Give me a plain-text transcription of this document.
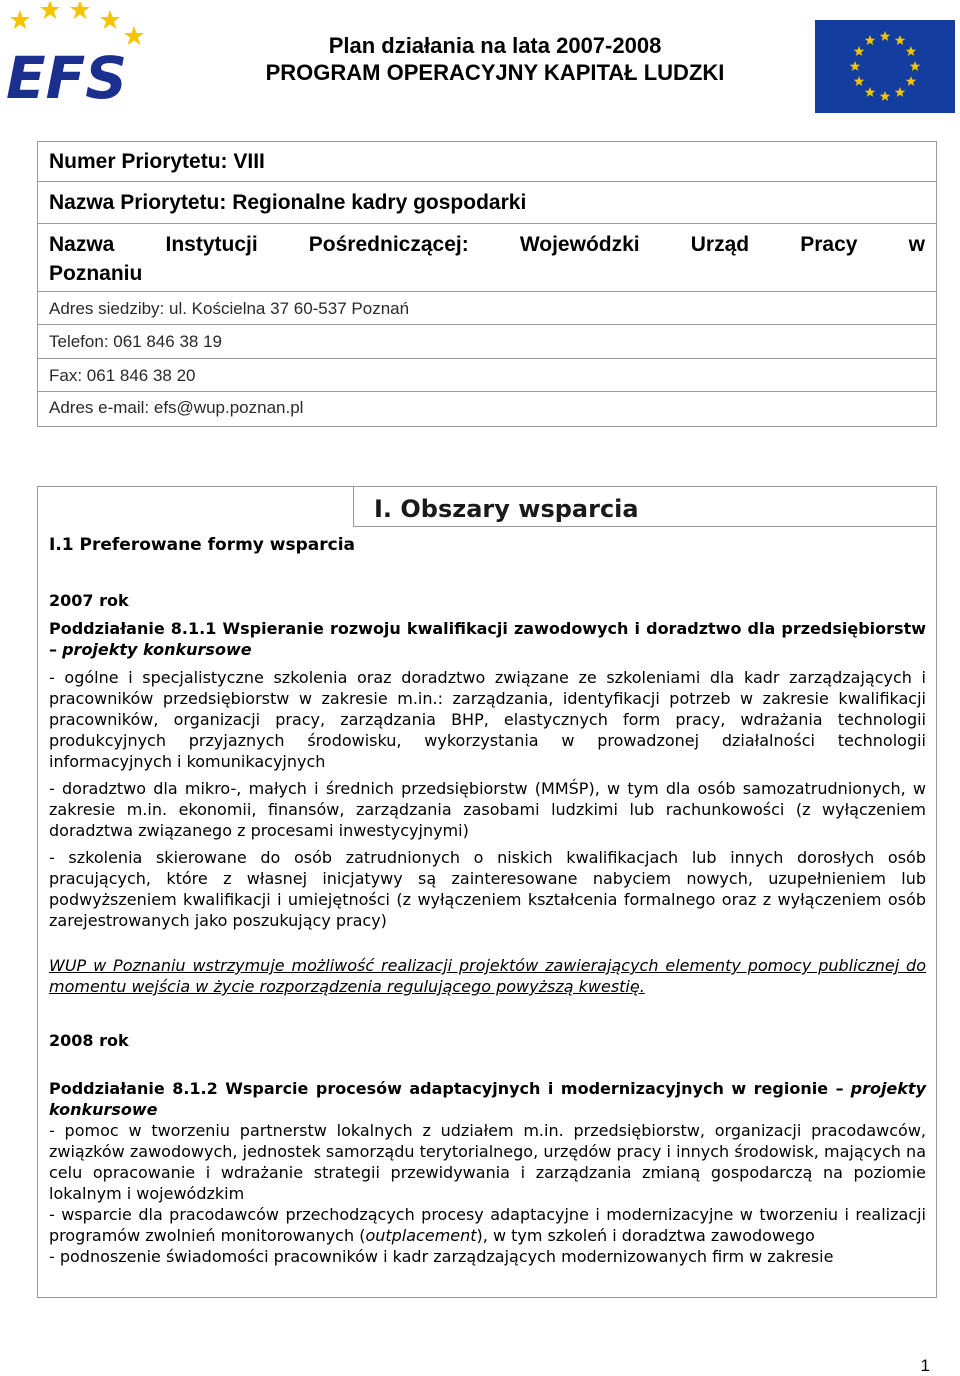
EFS	Plan działania na lata 2007-2008
PROGRAM OPERACYJNY KAPITAŁ LUDZKI
Numer Priorytetu: VIII
Nazwa Priorytetu: Regionalne kadry gospodarki
Nazwa Instytucji Pośredniczącej: Wojewódzki Urząd Pracy w
Poznaniu
Adres siedziby: ul. Kościelna 37 60-537 Poznań
Telefon: 061 846 38 19
Fax: 061 846 38 20
Adres e-mail: efs@wup.poznan.pl
I. Obszary wsparcia
I.1 Preferowane formy wsparcia

2007 rok

Poddziałanie 8.1.1 Wspieranie rozwoju kwalifikacji zawodowych i doradztwo dla przedsiębiorstw – projekty konkursowe

- ogólne i specjalistyczne szkolenia oraz doradztwo związane ze szkoleniami dla kadr zarządzających i pracowników przedsiębiorstw w zakresie m.in.: zarządzania, identyfikacji potrzeb w zakresie kwalifikacji pracowników, organizacji pracy, zarządzania BHP, elastycznych form pracy, wdrażania technologii produkcyjnych przyjaznych środowisku, wykorzystania w prowadzonej działalności technologii informacyjnych i komunikacyjnych

- doradztwo dla mikro-, małych i średnich przedsiębiorstw (MMŚP), w tym dla osób samozatrudnionych, w zakresie m.in. ekonomii, finansów, zarządzania zasobami ludzkimi lub rachunkowości (z wyłączeniem doradztwa związanego z procesami inwestycyjnymi)

- szkolenia skierowane do osób zatrudnionych o niskich kwalifikacjach lub innych dorosłych osób pracujących, które z własnej inicjatywy są zainteresowane nabyciem nowych, uzupełnieniem lub podwyższeniem kwalifikacji i umiejętności (z wyłączeniem kształcenia formalnego oraz z wyłączeniem osób zarejestrowanych jako poszukujący pracy)

WUP w Poznaniu wstrzymuje możliwość realizacji projektów zawierających elementy pomocy publicznej do momentu wejścia w życie rozporządzenia regulującego powyższą kwestię.

2008 rok

Poddziałanie 8.1.2 Wsparcie procesów adaptacyjnych i modernizacyjnych w regionie – projekty konkursowe

- pomoc w tworzeniu partnerstw lokalnych z udziałem m.in. przedsiębiorstw, organizacji pracodawców, związków zawodowych, jednostek samorządu terytorialnego, urzędów pracy i innych środowisk, mających na celu opracowanie i wdrażanie strategii przewidywania i zarządzania zmianą gospodarczą na poziomie lokalnym i wojewódzkim

- wsparcie dla pracodawców przechodzących procesy adaptacyjne i modernizacyjne w tworzeniu i realizacji programów zwolnień monitorowanych (outplacement), w tym szkoleń i doradztwa zawodowego

- podnoszenie świadomości pracowników i kadr zarządzających modernizowanych firm w zakresie

1
